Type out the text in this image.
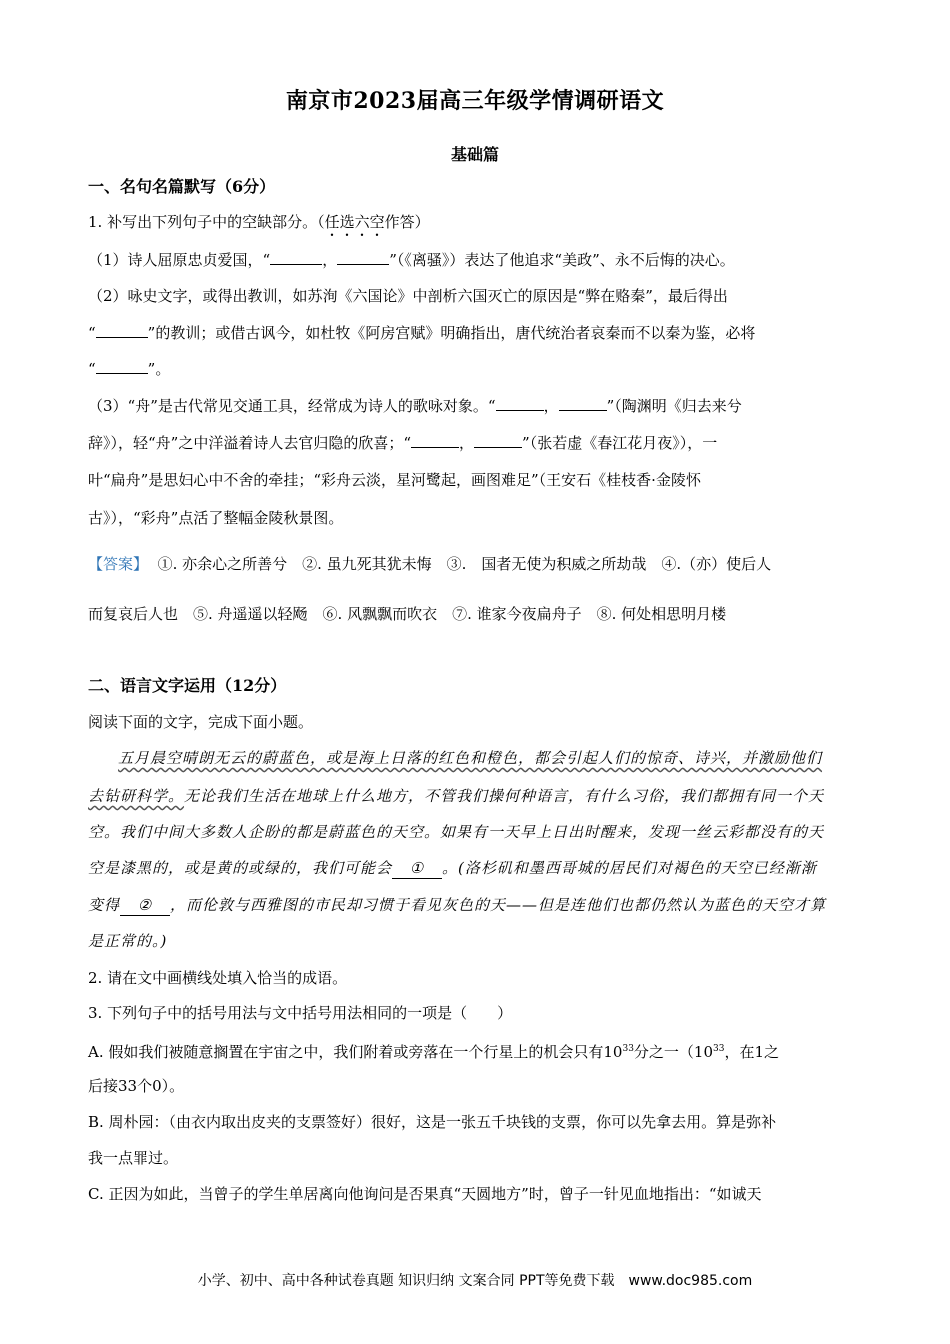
南京市2023届高三年级学情调研语文
基础篇
一、名句名篇默写（6分）
1. 补写出下列句子中的空缺部分。（任选六空作答）
（1）诗人屈原忠贞爱国，“	，	”（《离骚》）表达了他追求“美政”、永不后悔的决心。
（2）咏史文字，或得出教训，如苏洵《六国论》中剖析六国灭亡的原因是“弊在赂秦”，最后得出
“	”的教训；或借古讽今，如杜牧《阿房宫赋》明确指出，唐代统治者哀秦而不以秦为鉴，必将
“	”。
（3）“舟”是古代常见交通工具，经常成为诗人的歌咏对象。“	，	”（陶渊明《归去来兮
辞》），轻“舟”之中洋溢着诗人去官归隐的欣喜；“	，	”（张若虚《春江花月夜》），一
叶“扁舟”是思妇心中不舍的牵挂；“彩舟云淡，星河鹭起，画图难足”（王安石《桂枝香·金陵怀
古》），“彩舟”点活了整幅金陵秋景图。
【答案】 ①. 亦余心之所善兮　②. 虽九死其犹未悔　③.　国者无使为积威之所劫哉　④.（亦）使后人
而复哀后人也　⑤. 舟遥遥以轻飏　⑥. 风飘飘而吹衣　⑦. 谁家今夜扁舟子　⑧. 何处相思明月楼
二、语言文字运用（12分）
阅读下面的文字，完成下面小题。
五月晨空晴朗无云的蔚蓝色，或是海上日落的红色和橙色，都会引起人们的惊奇、诗兴，并激励他们
去钻研科学。无论我们生活在地球上什么地方，不管我们操何种语言，有什么习俗，我们都拥有同一个天
空。我们中间大多数人企盼的都是蔚蓝色的天空。如果有一天早上日出时醒来，发现一丝云彩都没有的天
空是漆黑的，或是黄的或绿的，我们可能会 ① 。(洛杉矶和墨西哥城的居民们对褐色的天空已经渐渐
变得 ② ，而伦敦与西雅图的市民却习惯于看见灰色的天——但是连他们也都仍然认为蓝色的天空才算
是正常的。)
2. 请在文中画横线处填入恰当的成语。
3. 下列句子中的括号用法与文中括号用法相同的一项是（　　）
A. 假如我们被随意搁置在宇宙之中，我们附着或旁落在一个行星上的机会只有$10^{33}$分之一（$10^{33}$，在1之
后接33个0）。
B. 周朴园：（由衣内取出皮夹的支票签好）很好，这是一张五千块钱的支票，你可以先拿去用。算是弥补
我一点罪过。
C. 正因为如此，当曾子的学生单居离向他询问是否果真“天圆地方”时，曾子一针见血地指出：“如诚天
小学、初中、高中各种试卷真题 知识归纳 文案合同 PPT等免费下载　www.doc985.com
